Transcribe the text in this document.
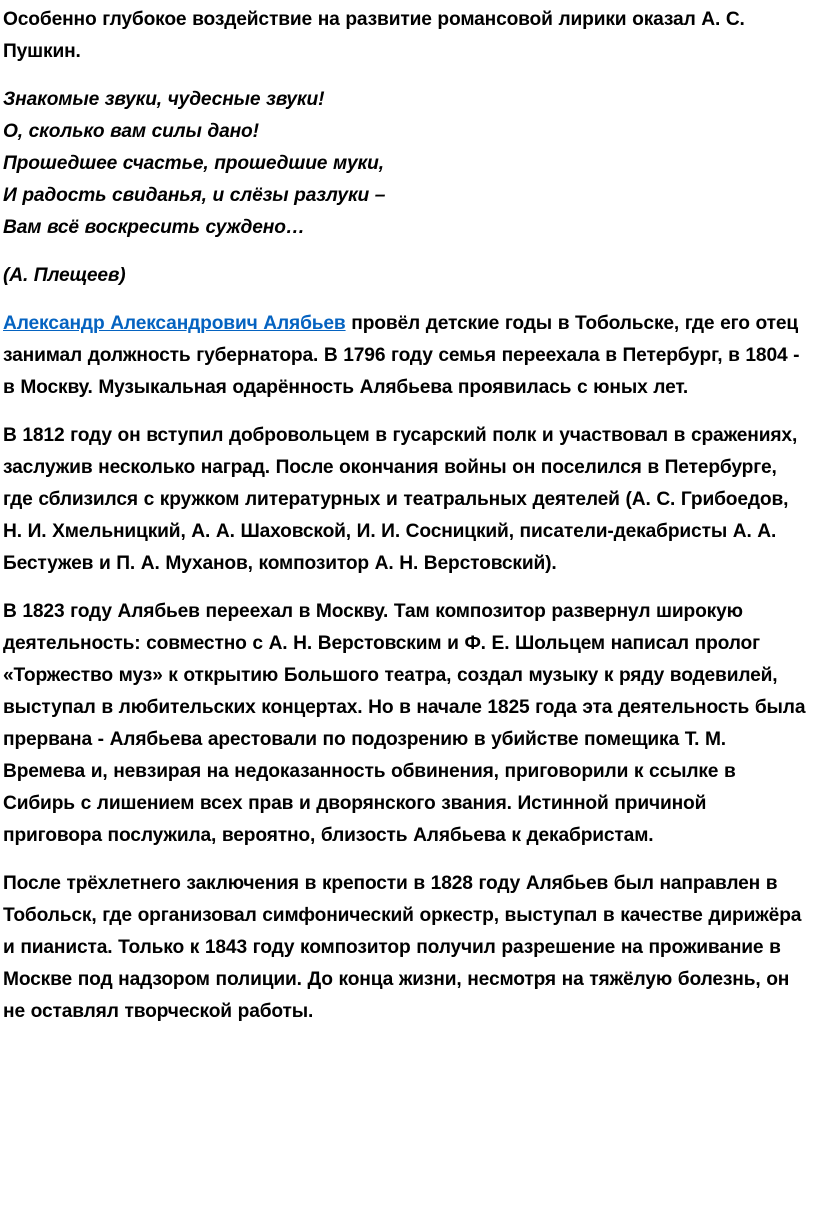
Особенно глубокое воздействие на развитие романсовой лирики оказал А. С. Пушкин.

Знакомые звуки, чудесные звуки!

О, сколько вам силы дано!

Прошедшее счастье, прошедшие муки,

И радость свиданья, и слёзы разлуки –

Вам всё воскресить суждено…

(А. Плещеев)

Александр Александрович Алябьев провёл детские годы в Тобольске, где его отец занимал должность губернатора. В 1796 году семья переехала в Петербург, в 1804 - в Москву. Музыкальная одарённость Алябьева проявилась с юных лет.

В 1812 году он вступил добровольцем в гусарский полк и участвовал в сражениях, заслужив несколько наград. После окончания войны он поселился в Петербурге, где сблизился с кружком литературных и театральных деятелей (А. С. Грибоедов, Н. И. Хмельницкий, А. А. Шаховской, И. И. Сосницкий, писатели-декабристы А. А. Бестужев и П. А. Муханов, композитор А. Н. Верстовский).

В 1823 году Алябьев переехал в Москву. Там композитор развернул широкую деятельность: совместно с А. Н. Верстовским и Ф. Е. Шольцем написал пролог «Торжество муз» к открытию Большого театра, создал музыку к ряду водевилей, выступал в любительских концертах. Но в начале 1825 года эта деятельность была прервана - Алябьева арестовали по подозрению в убийстве помещика Т. М. Времева и, невзирая на недоказанность обвинения, приговорили к ссылке в Сибирь с лишением всех прав и дворянского звания. Истинной причиной приговора послужила, вероятно, близость Алябьева к декабристам.

После трёхлетнего заключения в крепости в 1828 году Алябьев был направлен в Тобольск, где организовал симфонический оркестр, выступал в качестве дирижёра и пианиста. Только к 1843 году композитор получил разрешение на проживание в Москве под надзором полиции. До конца жизни, несмотря на тяжёлую болезнь, он не оставлял творческой работы.
